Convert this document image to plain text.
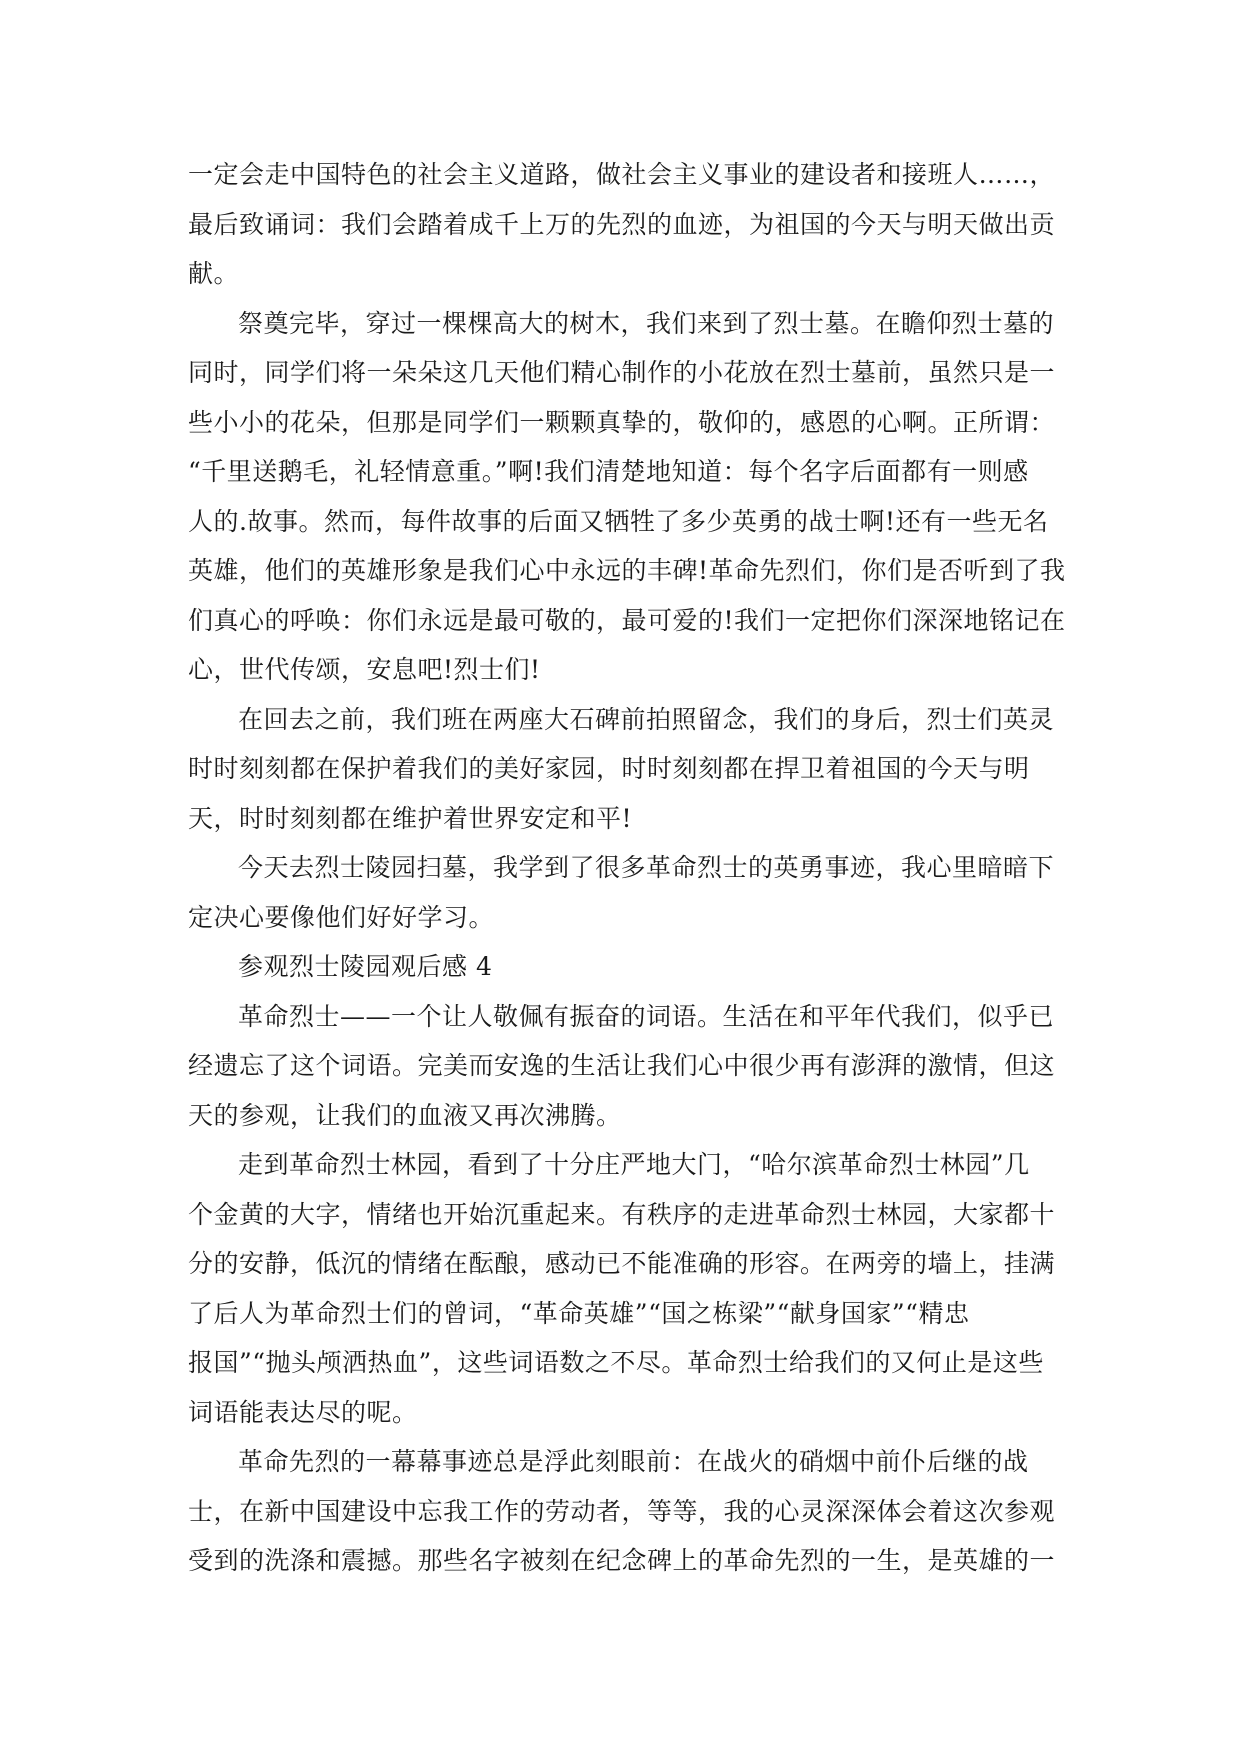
一定会走中国特色的社会主义道路，做社会主义事业的建设者和接班人……，
最后致诵词：我们会踏着成千上万的先烈的血迹，为祖国的今天与明天做出贡
献。
祭奠完毕，穿过一棵棵高大的树木，我们来到了烈士墓。在瞻仰烈士墓的
同时，同学们将一朵朵这几天他们精心制作的小花放在烈士墓前，虽然只是一
些小小的花朵，但那是同学们一颗颗真挚的，敬仰的，感恩的心啊。正所谓：
“千里送鹅毛，礼轻情意重。”啊!我们清楚地知道：每个名字后面都有一则感
人的.故事。然而，每件故事的后面又牺牲了多少英勇的战士啊!还有一些无名
英雄，他们的英雄形象是我们心中永远的丰碑!革命先烈们，你们是否听到了我
们真心的呼唤：你们永远是最可敬的，最可爱的!我们一定把你们深深地铭记在
心，世代传颂，安息吧!烈士们!
在回去之前，我们班在两座大石碑前拍照留念，我们的身后，烈士们英灵
时时刻刻都在保护着我们的美好家园，时时刻刻都在捍卫着祖国的今天与明
天，时时刻刻都在维护着世界安定和平!
今天去烈士陵园扫墓，我学到了很多革命烈士的英勇事迹，我心里暗暗下
定决心要像他们好好学习。
参观烈士陵园观后感 4
革命烈士——一个让人敬佩有振奋的词语。生活在和平年代我们，似乎已
经遗忘了这个词语。完美而安逸的生活让我们心中很少再有澎湃的激情，但这
天的参观，让我们的血液又再次沸腾。
走到革命烈士林园，看到了十分庄严地大门，“哈尔滨革命烈士林园”几
个金黄的大字，情绪也开始沉重起来。有秩序的走进革命烈士林园，大家都十
分的安静，低沉的情绪在酝酿，感动已不能准确的形容。在两旁的墙上，挂满
了后人为革命烈士们的曾词，“革命英雄”“国之栋梁”“献身国家”“精忠
报国”“抛头颅洒热血”，这些词语数之不尽。革命烈士给我们的又何止是这些
词语能表达尽的呢。
革命先烈的一幕幕事迹总是浮此刻眼前：在战火的硝烟中前仆后继的战
士，在新中国建设中忘我工作的劳动者，等等，我的心灵深深体会着这次参观
受到的洗涤和震撼。那些名字被刻在纪念碑上的革命先烈的一生，是英雄的一
